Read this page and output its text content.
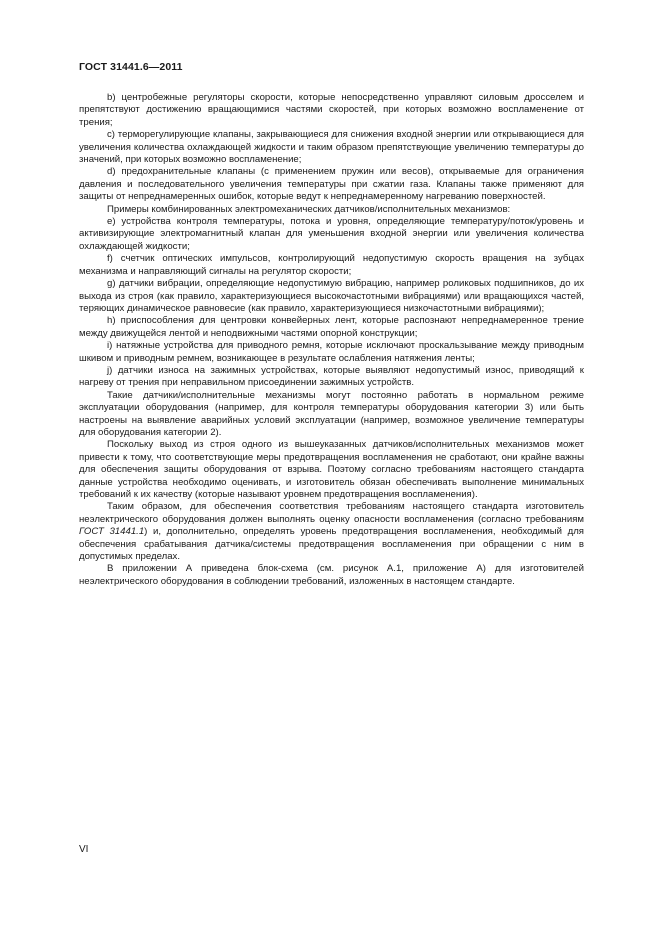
ГОСТ 31441.6—2011

b) центробежные регуляторы скорости, которые непосредственно управляют силовым дросселем и препятствуют достижению вращающимися частями скоростей, при которых возможно воспламенение от трения;

c) терморегулирующие клапаны, закрывающиеся для снижения входной энергии или открывающиеся для увеличения количества охлаждающей жидкости и таким образом препятствующие увеличению температуры до значений, при которых возможно воспламенение;

d) предохранительные клапаны (с применением пружин или весов), открываемые для ограничения давления и последовательного увеличения температуры при сжатии газа. Клапаны также применяют для защиты от непреднамеренных ошибок, которые ведут к непреднамеренному нагреванию поверхностей.

Примеры комбинированных электромеханических датчиков/исполнительных механизмов:

e) устройства контроля температуры, потока и уровня, определяющие температуру/поток/уровень и активизирующие электромагнитный клапан для уменьшения входной энергии или увеличения количества охлаждающей жидкости;

f) счетчик оптических импульсов, контролирующий недопустимую скорость вращения на зубцах механизма и направляющий сигналы на регулятор скорости;

g) датчики вибрации, определяющие недопустимую вибрацию, например роликовых подшипников, до их выхода из строя (как правило, характеризующиеся высокочастотными вибрациями) или вращающихся частей, теряющих динамическое равновесие (как правило, характеризующиеся низкочастотными вибрациями);

h) приспособления для центровки конвейерных лент, которые распознают непреднамеренное трение между движущейся лентой и неподвижными частями опорной конструкции;

i) натяжные устройства для приводного ремня, которые исключают проскальзывание между приводным шкивом и приводным ремнем, возникающее в результате ослабления натяжения ленты;

j) датчики износа на зажимных устройствах, которые выявляют недопустимый износ, приводящий к нагреву от трения при неправильном присоединении зажимных устройств.

Такие датчики/исполнительные механизмы могут постоянно работать в нормальном режиме эксплуатации оборудования (например, для контроля температуры оборудования категории 3) или быть настроены на выявление аварийных условий эксплуатации (например, возможное увеличение температуры для оборудования категории 2).

Поскольку выход из строя одного из вышеуказанных датчиков/исполнительных механизмов может привести к тому, что соответствующие меры предотвращения воспламенения не сработают, они крайне важны для обеспечения защиты оборудования от взрыва. Поэтому согласно требованиям настоящего стандарта данные устройства необходимо оценивать, и изготовитель обязан обеспечивать выполнение минимальных требований к их качеству (которые называют уровнем предотвращения воспламенения).

Таким образом, для обеспечения соответствия требованиям настоящего стандарта изготовитель неэлектрического оборудования должен выполнять оценку опасности воспламенения (согласно требованиям ГОСТ 31441.1) и, дополнительно, определять уровень предотвращения воспламенения, необходимый для обеспечения срабатывания датчика/системы предотвращения воспламенения при обращении с ним в допустимых пределах.

В приложении А приведена блок-схема (см. рисунок А.1, приложение А) для изготовителей неэлектрического оборудования в соблюдении требований, изложенных в настоящем стандарте.

VI
